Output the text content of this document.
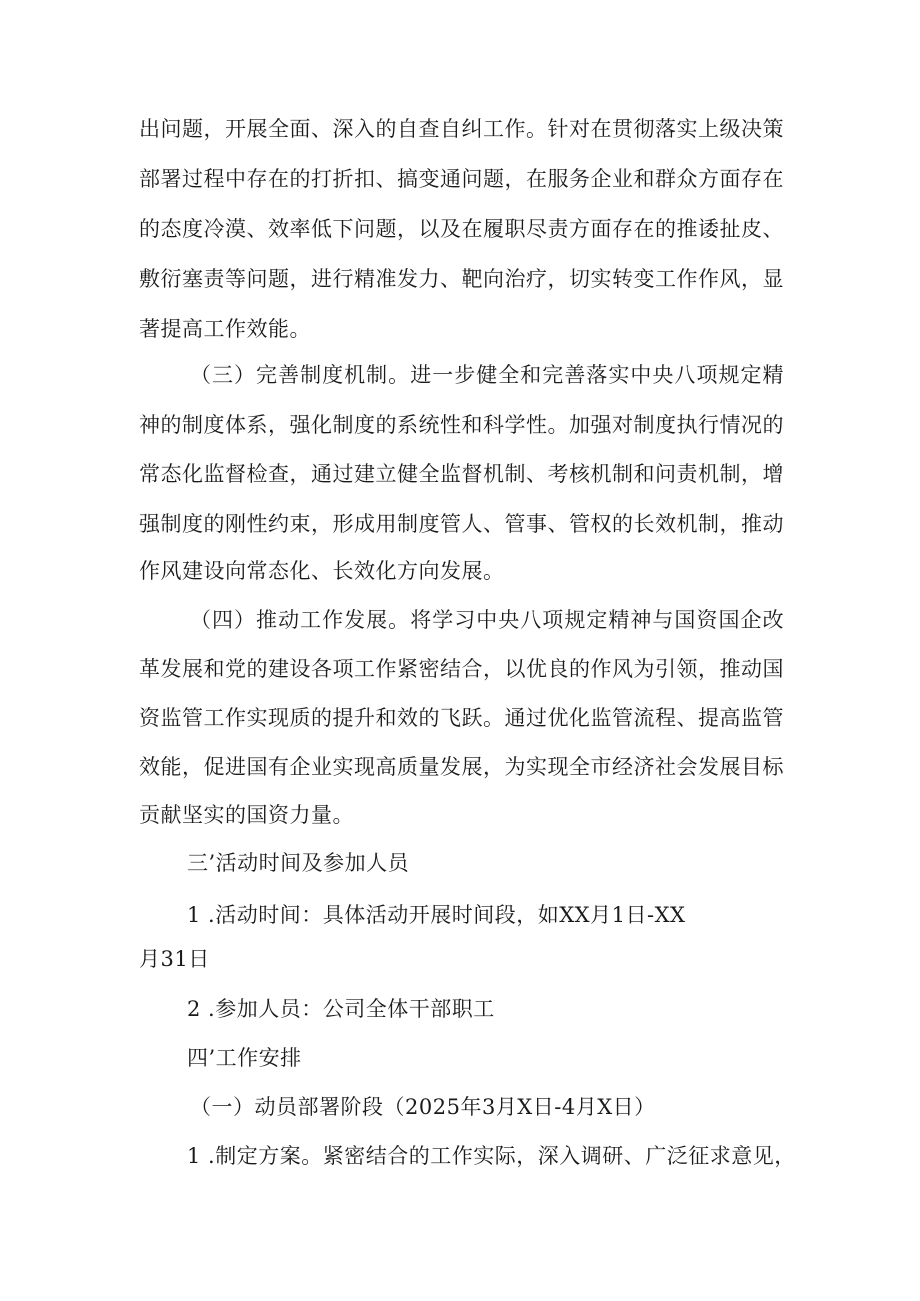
出问题，开展全面、深入的自查自纠工作。针对在贯彻落实上级决策
部署过程中存在的打折扣、搞变通问题，在服务企业和群众方面存在
的态度冷漠、效率低下问题，以及在履职尽责方面存在的推诿扯皮、
敷衍塞责等问题，进行精准发力、靶向治疗，切实转变工作作风，显
著提高工作效能。
（三）完善制度机制。进一步健全和完善落实中央八项规定精
神的制度体系，强化制度的系统性和科学性。加强对制度执行情况的
常态化监督检查，通过建立健全监督机制、考核机制和问责机制，增
强制度的刚性约束，形成用制度管人、管事、管权的长效机制，推动
作风建设向常态化、长效化方向发展。
（四）推动工作发展。将学习中央八项规定精神与国资国企改
革发展和党的建设各项工作紧密结合，以优良的作风为引领，推动国
资监管工作实现质的提升和效的飞跃。通过优化监管流程、提高监管
效能，促进国有企业实现高质量发展，为实现全市经济社会发展目标
贡献坚实的国资力量。
三’活动时间及参加人员
1 .活动时间：具体活动开展时间段，如XX月1日-XX
月31日
2 .参加人员：公司全体干部职工
四’工作安排
（一）动员部署阶段（2025年3月X日-4月X日）
1 .制定方案。紧密结合的工作实际，深入调研、广泛征求意见，
